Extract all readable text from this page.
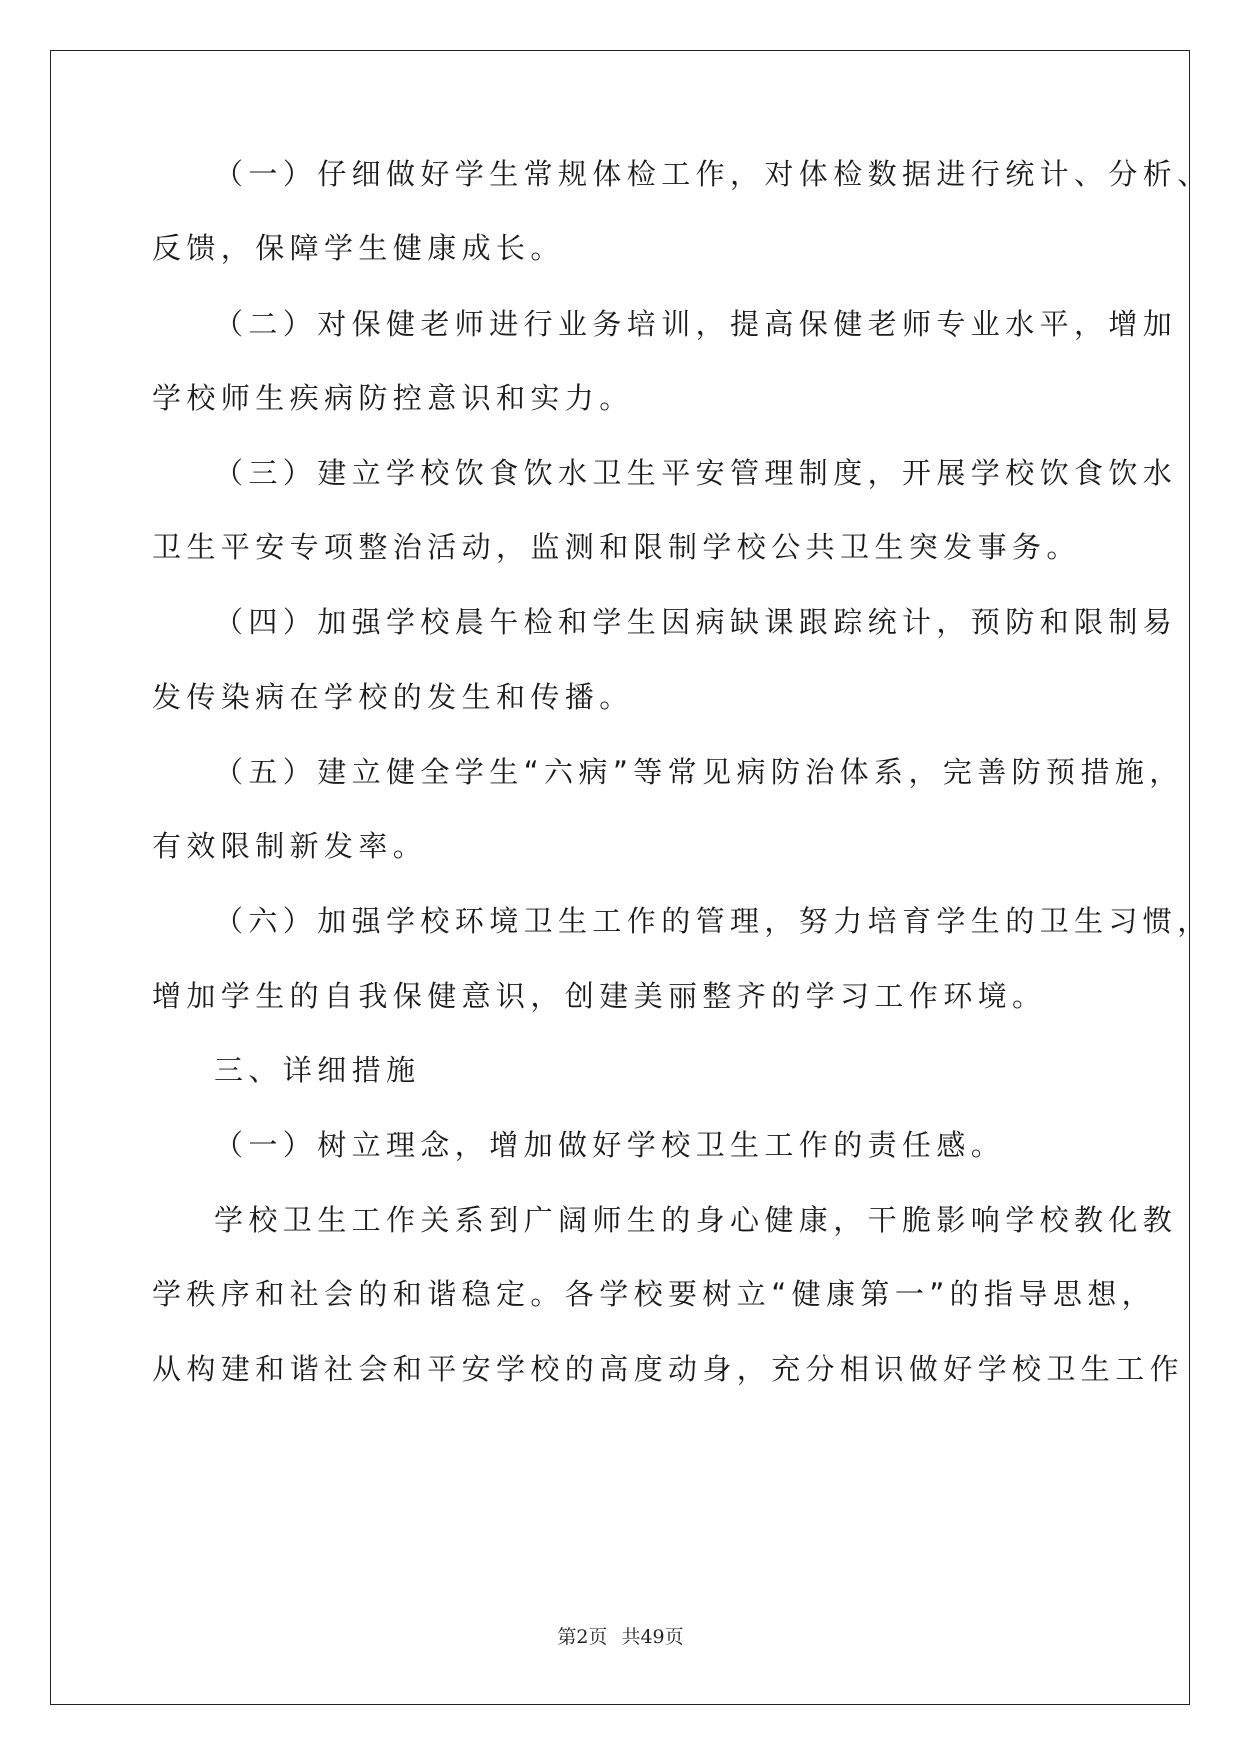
（一）仔细做好学生常规体检工作，对体检数据进行统计、分析、
反馈，保障学生健康成长。
（二）对保健老师进行业务培训，提高保健老师专业水平，增加
学校师生疾病防控意识和实力。
（三）建立学校饮食饮水卫生平安管理制度，开展学校饮食饮水
卫生平安专项整治活动，监测和限制学校公共卫生突发事务。
（四）加强学校晨午检和学生因病缺课跟踪统计，预防和限制易
发传染病在学校的发生和传播。
（五）建立健全学生“六病”等常见病防治体系，完善防预措施，
有效限制新发率。
（六）加强学校环境卫生工作的管理，努力培育学生的卫生习惯，
增加学生的自我保健意识，创建美丽整齐的学习工作环境。
三、详细措施
（一）树立理念，增加做好学校卫生工作的责任感。
学校卫生工作关系到广阔师生的身心健康，干脆影响学校教化教
学秩序和社会的和谐稳定。各学校要树立“健康第一”的指导思想，
从构建和谐社会和平安学校的高度动身，充分相识做好学校卫生工作
第2页 共49页
